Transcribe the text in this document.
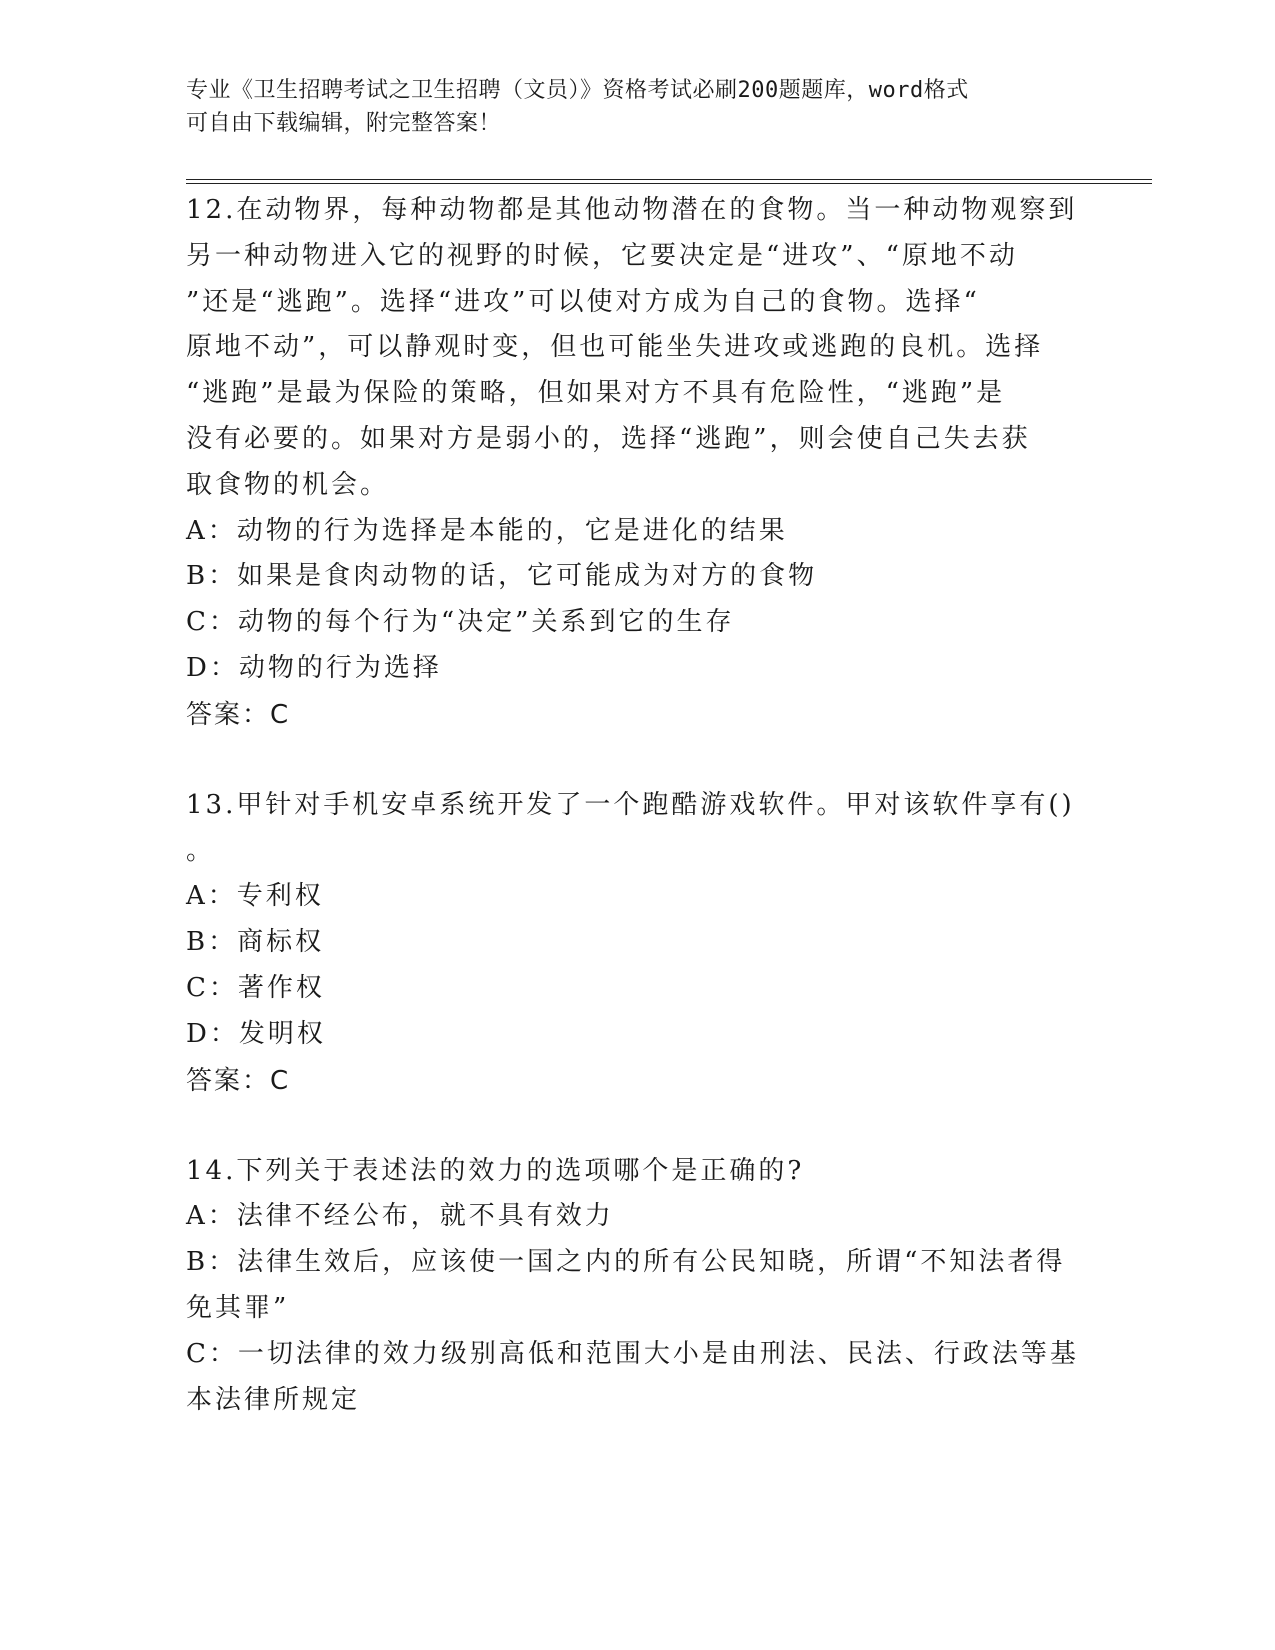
专业《卫生招聘考试之卫生招聘（文员）》资格考试必刷200题题库，word格式
可自由下载编辑，附完整答案！
12.在动物界，每种动物都是其他动物潜在的食物。当一种动物观察到
另一种动物进入它的视野的时候，它要决定是“进攻”、“原地不动
”还是“逃跑”。选择“进攻”可以使对方成为自己的食物。选择“
原地不动”，可以静观时变，但也可能坐失进攻或逃跑的良机。选择
“逃跑”是最为保险的策略，但如果对方不具有危险性，“逃跑”是
没有必要的。如果对方是弱小的，选择“逃跑”，则会使自己失去获
取食物的机会。
A：动物的行为选择是本能的，它是进化的结果
B：如果是食肉动物的话，它可能成为对方的食物
C：动物的每个行为“决定”关系到它的生存
D：动物的行为选择
答案：C
13.甲针对手机安卓系统开发了一个跑酷游戏软件。甲对该软件享有()
。
A：专利权
B：商标权
C：著作权
D：发明权
答案：C
14.下列关于表述法的效力的选项哪个是正确的?
A：法律不经公布，就不具有效力
B：法律生效后，应该使一国之内的所有公民知晓，所谓“不知法者得
免其罪”
C：一切法律的效力级别高低和范围大小是由刑法、民法、行政法等基
本法律所规定
